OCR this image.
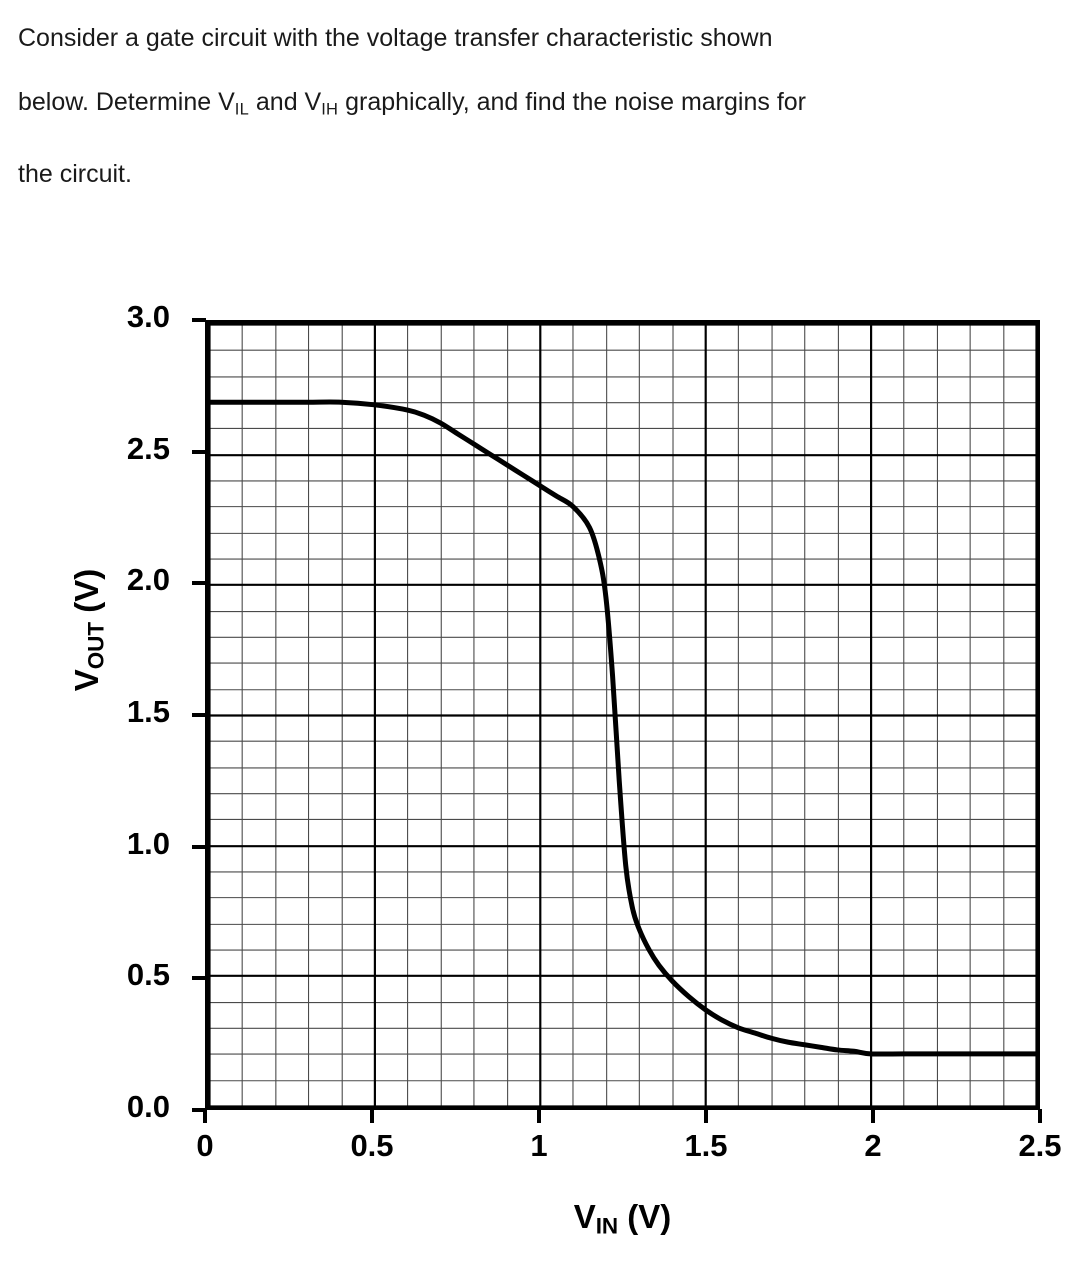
Consider a gate circuit with the voltage transfer characteristic shown
below. Determine $V_{IL}$ and $V_{IH}$ graphically, and find the noise margins for
the circuit.
VOUT (V)
VIN (V)
0.0
0.5
1.0
1.5
2.0
2.5
3.0
0	0.5	1	1.5	2	2.5
